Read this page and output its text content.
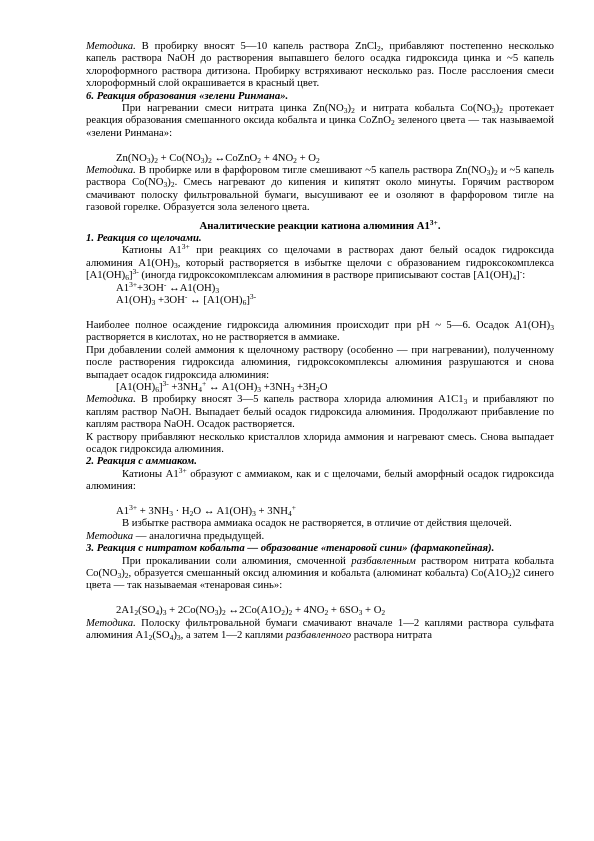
Методика. В пробирку вносят 5—10 капель раствора ZnCl$_2$, прибавляют постепенно несколько капель раствора NaOH до растворения выпавшего белого осадка гидроксида цинка и ~5 капель хлороформного раствора дитизона. Пробирку встряхивают несколько раз. После расслоения смеси хлороформный слой окрашивается в красный цвет.

6. Реакция образования «зелени Ринмана».

При нагревании смеси нитрата цинка $Zn(NO_3)_2$ и нитрата кобальта $Co(NO_3)_2$ протекает реакция образования смешанного оксида кобальта и цинка CoZnO$_2$ зеленого цвета — так называемой «зелени Ринмана»:

$Zn(NO_3)_2 + Co(NO_3)_2$ ↔CoZnO$_2$ + $4NO_2 + O_2$

Методика. В пробирке или в фарфоровом тигле смешивают ~5 капель раствора $Zn(NO_3)_2$ и ~5 капель раствора $Co(NO_3)_2$. Смесь нагревают до кипения и кипятят около минуты. Горячим раствором смачивают полоску фильтровальной бумаги, высушивают ее и озоляют в фарфоровом тигле на газовой горелке. Образуется зола зеленого цвета.

Аналитические реакции катиона алюминия $A1^{3+}$.

1. Реакция со щелочами.

Катионы $A1^{3+}$ при реакциях со щелочами в растворах дают белый осадок гидроксида алюминия $A1(OH)_3$, который растворяется в избытке щелочи с образованием гидроксокомплекса $[A1(OH)_6]^{3-}$ (иногда гидроксокомплексам алюминия в растворе приписывают состав $[A1(OH)_4]^-$:

$A1^{3+}+3OH^-$ $\leftrightarrow A1(OH)_3$

$A1(OH)_3 +3OH^-$ ↔ $[A1(OH)_6]^{3-}$

Наиболее полное осаждение гидроксида алюминия происходит при pH ~ 5—6. Осадок $A1(OH)_3$ растворяется в кислотах, но не растворяется в аммиаке.

При добавлении солей аммония к щелочному раствору (особенно — при нагревании), полученному после растворения гидроксида алюминия, гидроксокомплексы алюминия разрушаются и снова выпадает осадок гидроксида алюминия:

$[A1(OH)_6]^{3-} +3NH_4^+$ ↔ $A1(OH)_3 +3NH_3 +3H_2O$

Методика. В пробирку вносят 3—5 капель раствора хлорида алюминия $A1C1_3$ и прибавляют по каплям раствор NaOH. Выпадает белый осадок гидроксида алюминия. Продолжают прибавление по каплям раствора NaOH. Осадок растворяется.

К раствору прибавляют несколько кристаллов хлорида аммония и нагревают смесь. Снова выпадает осадок гидроксида алюминия.

2. Реакция с аммиаком.

Катионы $A1^{3+}$ образуют с аммиаком, как и с щелочами, белый аморфный осадок гидроксида алюминия:

$A1^{3+} + 3NH_3 \cdot H_2O$ ↔ $A1(OH)_3 + 3NH_4^+$

В избытке раствора аммиака осадок не растворяется, в отличие от действия щелочей.

Методика — аналогична предыдущей.

3. Реакция с нитратом кобальта — образование «тенаровой сини» (фармакопейная).

При прокаливании соли алюминия, смоченной разбавленным раствором нитрата кобальта $Co(NO_3)_2$, образуется смешанный оксид алюминия и кобальта (алюминат кобальта) $Co(A1O_2)2$ синего цвета — так называемая «тенаровая синь»:

$2A1_2(SO_4)_3 + 2Co(NO_3)_2$ $\leftrightarrow 2Co(A1O_2)_2 + 4NO_2 + 6SO_3 + O_2$

Методика. Полоску фильтровальной бумаги смачивают вначале 1—2 каплями раствора сульфата алюминия $A1_2(SO_4)_3$, а затем 1—2 каплями разбавленного раствора нитрата
